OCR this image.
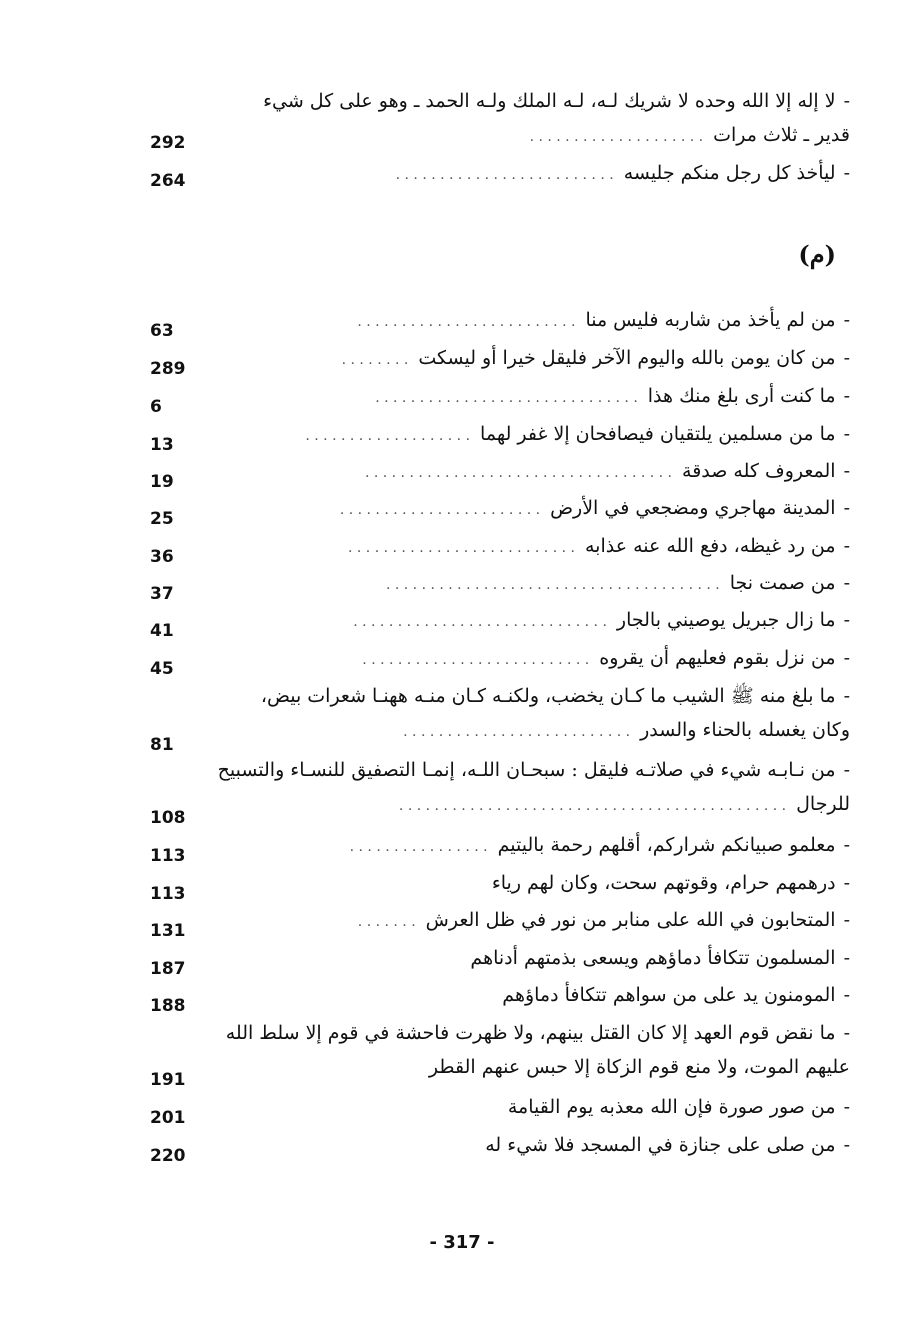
-لا إله إلا الله وحده لا شريك لـه، لـه الملك ولـه الحمد ـ وهو على كل شيء
قدير ـ ثلاث مرات. . . . . . . . . . . . . . . . . . . .
292
-ليأخذ كل رجل منكم جليسه. . . . . . . . . . . . . . . . . . . . . . . . .
264
(م)
-من لم يأخذ من شاربه فليس منا. . . . . . . . . . . . . . . . . . . . . . . . .
63
-من كان يومن بالله واليوم الآخر فليقل خيرا أو ليسكت. . . . . . . .
289
-ما كنت أرى بلغ منك هذا. . . . . . . . . . . . . . . . . . . . . . . . . . . . . .
6
-ما من مسلمين يلتقيان فيصافحان إلا غفر لهما. . . . . . . . . . . . . . . . . . .
13
-المعروف كله صدقة. . . . . . . . . . . . . . . . . . . . . . . . . . . . . . . . . . .
19
-المدينة مهاجري ومضجعي في الأرض. . . . . . . . . . . . . . . . . . . . . . .
25
-من رد غيظه، دفع الله عنه عذابه. . . . . . . . . . . . . . . . . . . . . . . . . .
36
-من صمت نجا. . . . . . . . . . . . . . . . . . . . . . . . . . . . . . . . . . . . . .
37
-ما زال جبريل يوصيني بالجار. . . . . . . . . . . . . . . . . . . . . . . . . . . . .
41
-من نزل بقوم فعليهم أن يقروه. . . . . . . . . . . . . . . . . . . . . . . . . .
45
-ما بلغ منه ﷺ الشيب ما كـان يخضب، ولكنـه كـان منـه ههنـا شعرات بيض،
وكان يغسله بالحناء والسدر. . . . . . . . . . . . . . . . . . . . . . . . . .
81
-من نـابـه شيء في صلاتـه فليقل : سبحـان اللـه، إنمـا التصفيق للنسـاء والتسبيح
للرجال. . . . . . . . . . . . . . . . . . . . . . . . . . . . . . . . . . . . . . . . . . . .
108
-معلمو صبيانكم شراركم، أقلهم رحمة باليتيم. . . . . . . . . . . . . . . .
113
-درهمهم حرام، وقوتهم سحت، وكان لهم رياء
113
-المتحابون في الله على منابر من نور في ظل العرش. . . . . . .
131
-المسلمون تتكافأ دماؤهم ويسعى بذمتهم أدناهم
187
-المومنون يد على من سواهم تتكافأ دماؤهم
188
-ما نقض قوم العهد إلا كان القتل بينهم، ولا ظهرت فاحشة في قوم إلا سلط الله
عليهم الموت، ولا منع قوم الزكاة إلا حبس عنهم القطر
191
-من صور صورة فإن الله معذبه يوم القيامة
201
-من صلى على جنازة في المسجد فلا شيء له
220
- 317 -
